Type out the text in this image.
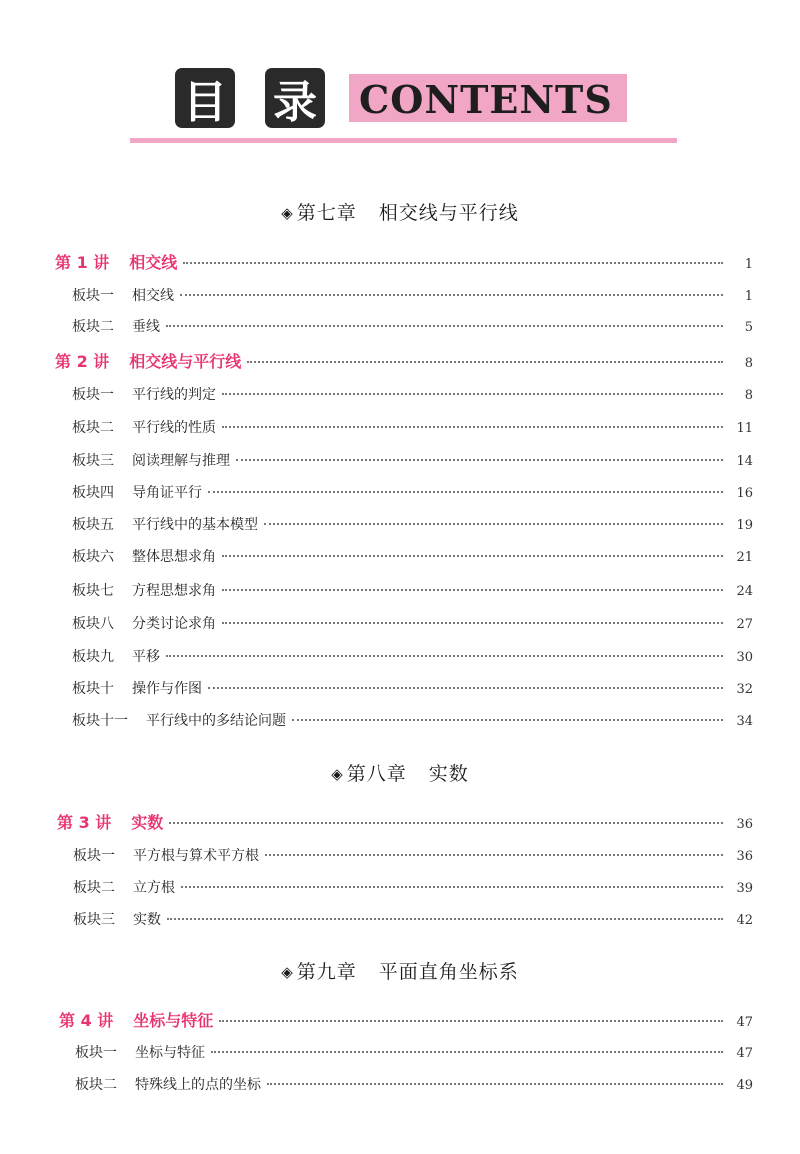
目 录 CONTENTS
◈ 第七章 相交线与平行线
第 1 讲 相交线	1
板块一 相交线	1
板块二 垂线	5
第 2 讲 相交线与平行线	8
板块一 平行线的判定	8
板块二 平行线的性质	11
板块三 阅读理解与推理	14
板块四 导角证平行	16
板块五 平行线中的基本模型	19
板块六 整体思想求角	21
板块七 方程思想求角	24
板块八 分类讨论求角	27
板块九 平移	30
板块十 操作与作图	32
板块十一 平行线中的多结论问题	34
◈ 第八章 实数
第 3 讲 实数	36
板块一 平方根与算术平方根	36
板块二 立方根	39
板块三 实数	42
◈ 第九章 平面直角坐标系
第 4 讲 坐标与特征	47
板块一 坐标与特征	47
板块二 特殊线上的点的坐标	49
